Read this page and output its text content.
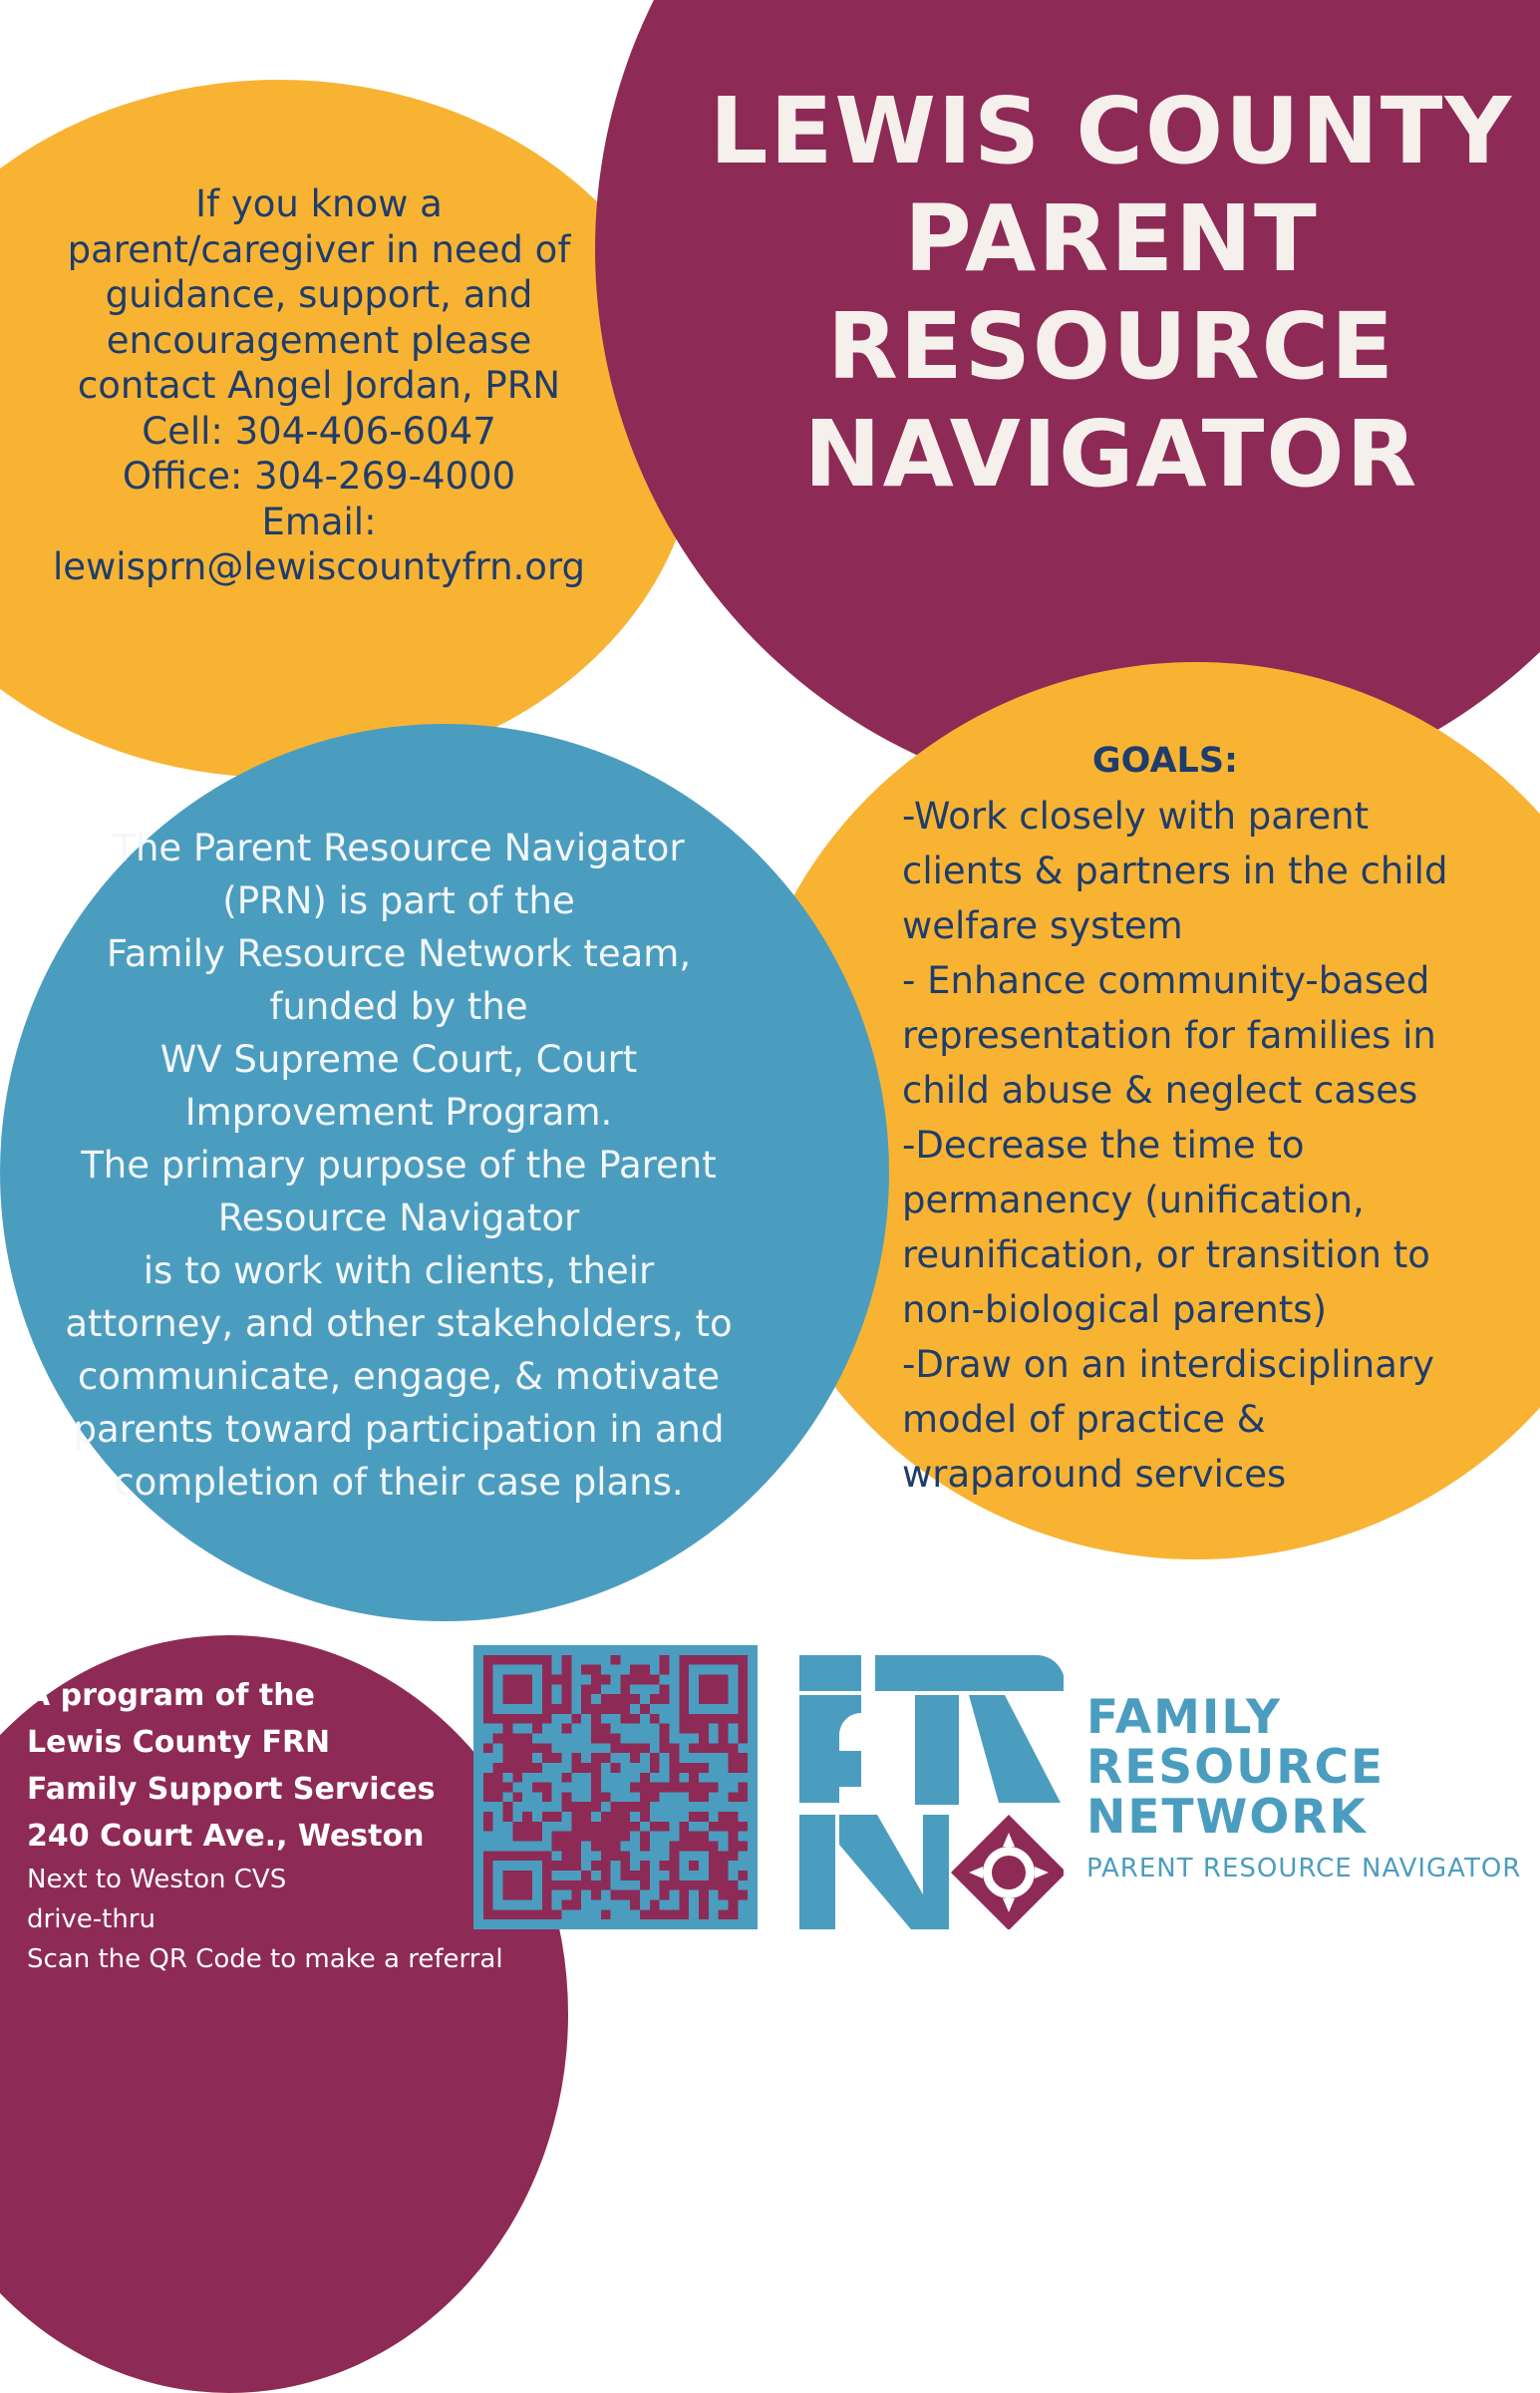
If you know a
parent/caregiver in need of
guidance, support, and
encouragement please
contact Angel Jordan, PRN
Cell: 304-406-6047
Office: 304-269-4000
Email:
lewisprn@lewiscountyfrn.org
LEWIS COUNTY
PARENT
RESOURCE
NAVIGATOR
GOALS:
-Work closely with parent
clients & partners in the child
welfare system
- Enhance community-based
representation for families in
child abuse & neglect cases
-Decrease the time to
permanency (unification,
reunification, or transition to
non-biological parents)
-Draw on an interdisciplinary
model of practice &
wraparound services
The Parent Resource Navigator
(PRN) is part of the
Family Resource Network team,
funded by the
WV Supreme Court, Court
Improvement Program.
The primary purpose of the Parent
Resource Navigator
is to work with clients, their
attorney, and other stakeholders, to
communicate, engage, & motivate
parents toward participation in and
completion of their case plans.
A program of the
Lewis County FRN
Family Support Services
240 Court Ave., Weston
Next to Weston CVS
drive-thru
Scan the QR Code to make a referral
FAMILY
RESOURCE
NETWORK
PARENT RESOURCE NAVIGATOR
